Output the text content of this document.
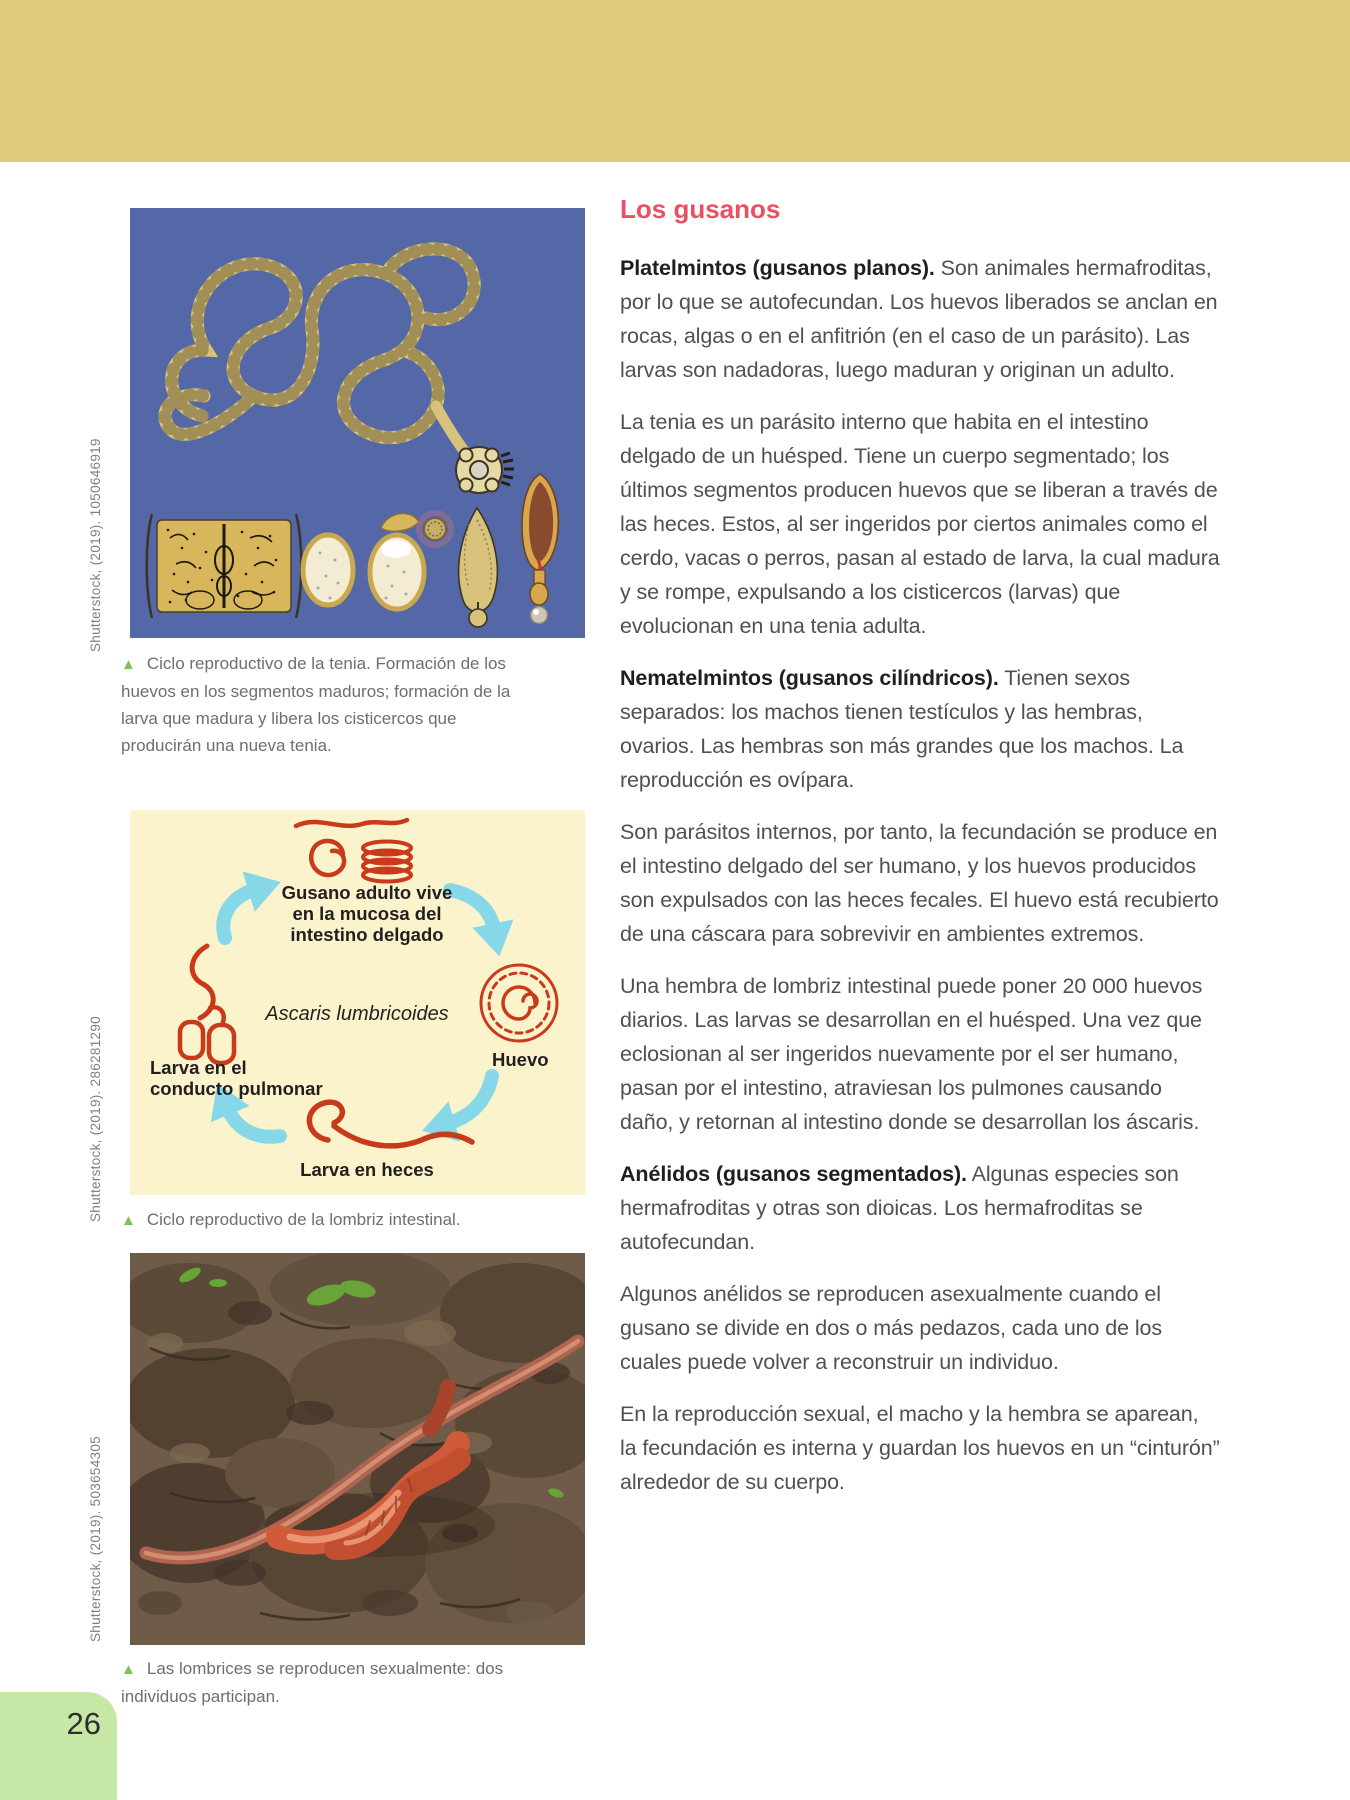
Shutterstock, (2019). 1050646919
Shutterstock, (2019). 286281290
Shutterstock, (2019). 503654305
▲ Ciclo reproductivo de la tenia. Formación de los huevos en los segmentos maduros; formación de la larva que madura y libera los cisticercos que producirán una nueva tenia.
Gusano adulto vive en la mucosa del intestino delgado
Ascaris lumbricoides
Huevo
Larva en el conducto pulmonar
Larva en heces
▲ Ciclo reproductivo de la lombriz intestinal.
▲ Las lombrices se reproducen sexualmente: dos individuos participan.
Los gusanos

Platelmintos (gusanos planos). Son animales hermafroditas, por lo que se autofecundan. Los huevos liberados se anclan en rocas, algas o en el anfitrión (en el caso de un parásito). Las larvas son nadadoras, luego maduran y originan un adulto.

La tenia es un parásito interno que habita en el intestino delgado de un huésped. Tiene un cuerpo segmentado; los últimos segmentos producen huevos que se liberan a través de las heces. Estos, al ser ingeridos por ciertos animales como el cerdo, vacas o perros, pasan al estado de larva, la cual madura y se rompe, expulsando a los cisticercos (larvas) que evolucionan en una tenia adulta.

Nematelmintos (gusanos cilíndricos). Tienen sexos separados: los machos tienen testículos y las hembras, ovarios. Las hembras son más grandes que los machos. La reproducción es ovípara.

Son parásitos internos, por tanto, la fecundación se produce en el intestino delgado del ser humano, y los huevos producidos son expulsados con las heces fecales. El huevo está recubierto de una cáscara para sobrevivir en ambientes extremos.

Una hembra de lombriz intestinal puede poner 20 000 huevos diarios. Las larvas se desarrollan en el huésped. Una vez que eclosionan al ser ingeridos nuevamente por el ser humano, pasan por el intestino, atraviesan los pulmones causando daño, y retornan al intestino donde se desarrollan los áscaris.

Anélidos (gusanos segmentados). Algunas especies son hermafroditas y otras son dioicas. Los hermafroditas se autofecundan.

Algunos anélidos se reproducen asexualmente cuando el gusano se divide en dos o más pedazos, cada uno de los cuales puede volver a reconstruir un individuo.

En la reproducción sexual, el macho y la hembra se aparean, la fecundación es interna y guardan los huevos en un “cinturón” alrededor de su cuerpo.

26
